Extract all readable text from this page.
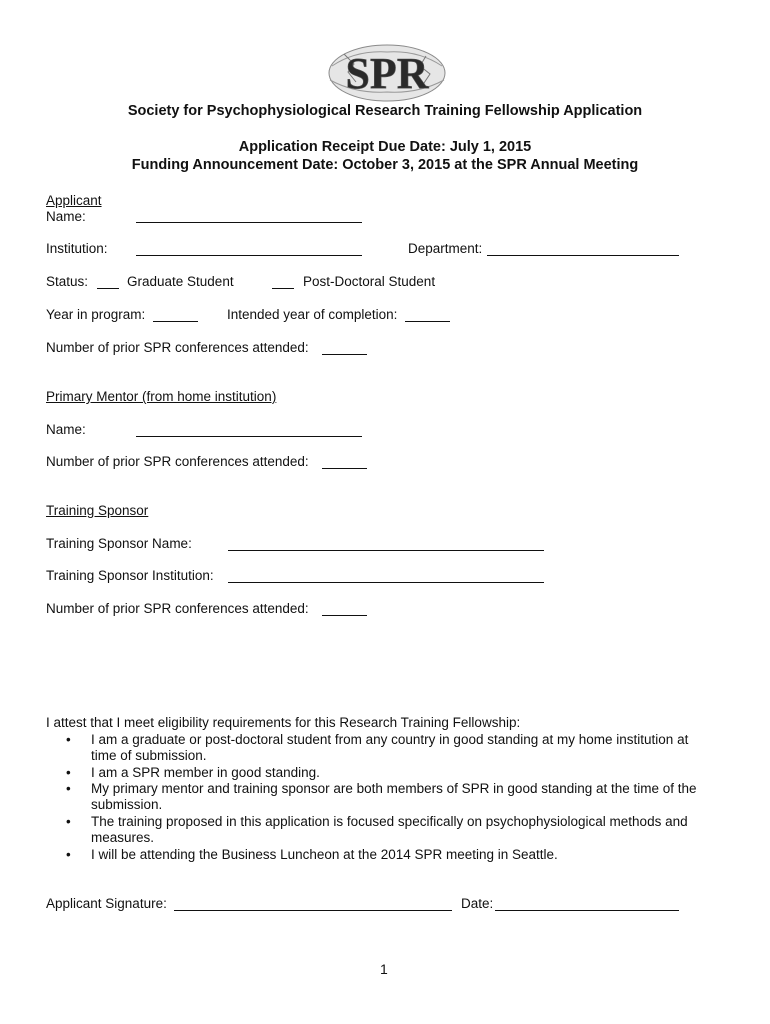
SPR
Society for Psychophysiological Research Training Fellowship Application
Application Receipt Due Date: July 1, 2015
Funding Announcement Date: October 3, 2015 at the SPR Annual Meeting
Applicant
Name:
Institution:	Department:
Status:	Graduate Student	Post-Doctoral Student
Year in program:	Intended year of completion:
Number of prior SPR conferences attended:
Primary Mentor (from home institution)
Name:
Number of prior SPR conferences attended:
Training Sponsor
Training Sponsor Name:
Training Sponsor Institution:
Number of prior SPR conferences attended:
I attest that I meet eligibility requirements for this Research Training Fellowship:
• I am a graduate or post-doctoral student from any country in good standing at my home institution at time of submission.
• I am a SPR member in good standing.
• My primary mentor and training sponsor are both members of SPR in good standing at the time of the submission.
• The training proposed in this application is focused specifically on psychophysiological methods and measures.
• I will be attending the Business Luncheon at the 2014 SPR meeting in Seattle.
Applicant Signature:	Date:
1
